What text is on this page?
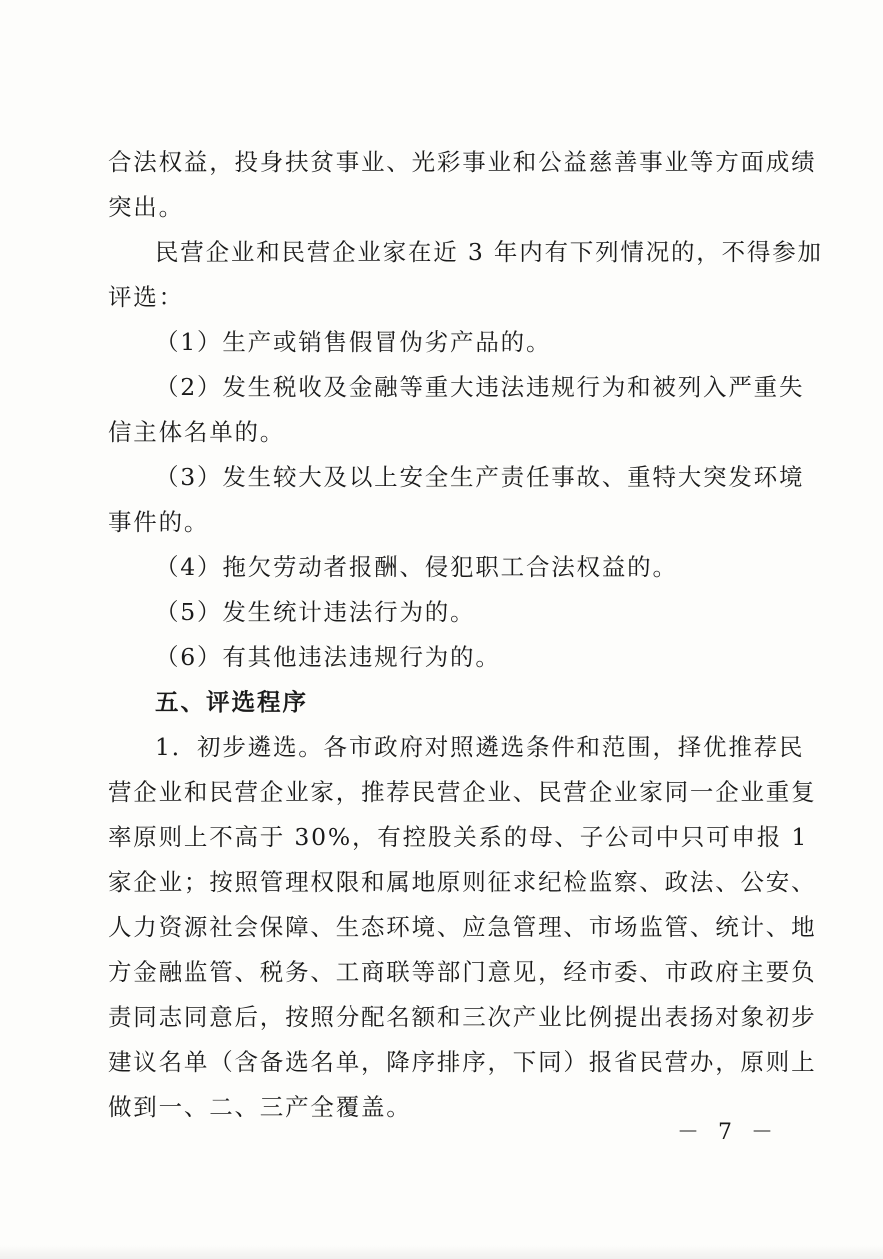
合法权益，投身扶贫事业、光彩事业和公益慈善事业等方面成绩
突出。
民营企业和民营企业家在近 3 年内有下列情况的，不得参加
评选：
（1）生产或销售假冒伪劣产品的。
（2）发生税收及金融等重大违法违规行为和被列入严重失
信主体名单的。
（3）发生较大及以上安全生产责任事故、重特大突发环境
事件的。
（4）拖欠劳动者报酬、侵犯职工合法权益的。
（5）发生统计违法行为的。
（6）有其他违法违规行为的。
五、评选程序
1．初步遴选。各市政府对照遴选条件和范围，择优推荐民
营企业和民营企业家，推荐民营企业、民营企业家同一企业重复
率原则上不高于 30%，有控股关系的母、子公司中只可申报 1
家企业；按照管理权限和属地原则征求纪检监察、政法、公安、
人力资源社会保障、生态环境、应急管理、市场监管、统计、地
方金融监管、税务、工商联等部门意见，经市委、市政府主要负
责同志同意后，按照分配名额和三次产业比例提出表扬对象初步
建议名单（含备选名单，降序排序，下同）报省民营办，原则上
做到一、二、三产全覆盖。
－ 7 －
